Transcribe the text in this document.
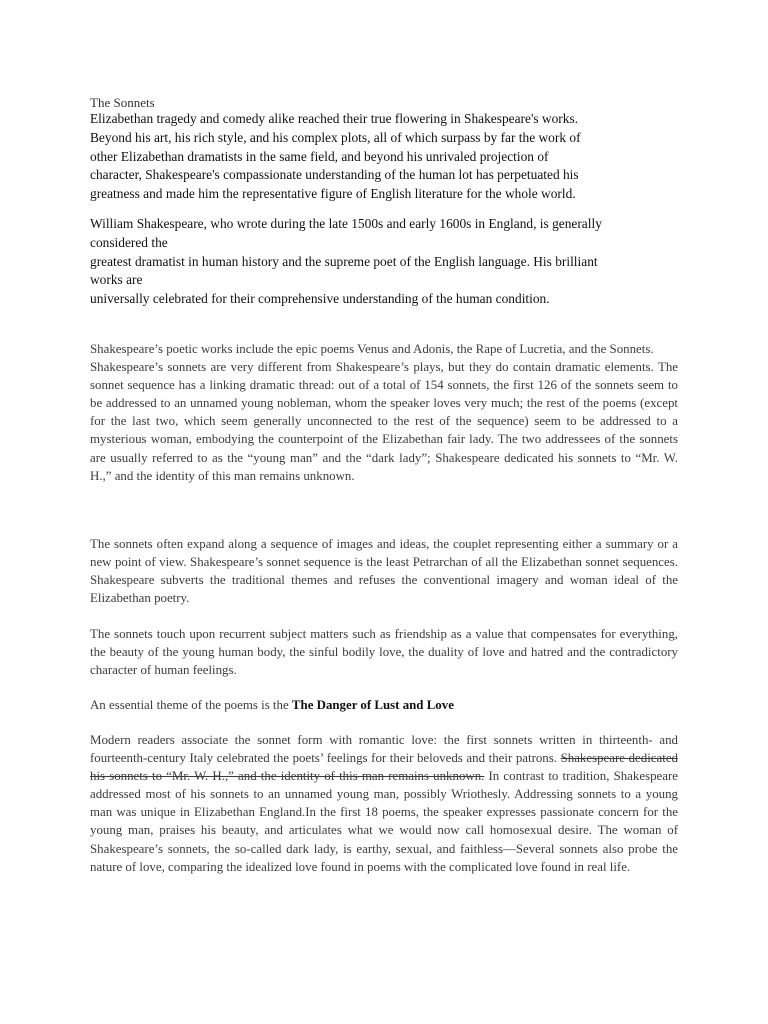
The Sonnets
Elizabethan tragedy and comedy alike reached their true flowering in Shakespeare's works.
Beyond his art, his rich style, and his complex plots, all of which surpass by far the work of
other Elizabethan dramatists in the same field, and beyond his unrivaled projection of
character, Shakespeare's compassionate understanding of the human lot has perpetuated his
greatness and made him the representative figure of English literature for the whole world.
William Shakespeare, who wrote during the late 1500s and early 1600s in England, is generally
considered the
greatest dramatist in human history and the supreme poet of the English language. His brilliant
works are
universally celebrated for their comprehensive understanding of the human condition.
Shakespeare’s poetic works include the epic poems Venus and Adonis, the Rape of Lucretia, and the Sonnets.
Shakespeare’s sonnets are very different from Shakespeare’s plays, but they do contain dramatic elements. The sonnet sequence has a linking dramatic thread: out of a total of 154 sonnets, the first 126 of the sonnets seem to be addressed to an unnamed young nobleman, whom the speaker loves very much; the rest of the poems (except for the last two, which seem generally unconnected to the rest of the sequence) seem to be addressed to a mysterious woman, embodying the counterpoint of the Elizabethan fair lady. The two addressees of the sonnets are usually referred to as the “young man” and the “dark lady”; Shakespeare dedicated his sonnets to “Mr. W. H.,” and the identity of this man remains unknown.
The sonnets often expand along a sequence of images and ideas, the couplet representing either a summary or a new point of view. Shakespeare’s sonnet sequence is the least Petrarchan of all the Elizabethan sonnet sequences. Shakespeare subverts the traditional themes and refuses the conventional imagery and woman ideal of the Elizabethan poetry.
The sonnets touch upon recurrent subject matters such as friendship as a value that compensates for everything, the beauty of the young human body, the sinful bodily love, the duality of love and hatred and the contradictory character of human feelings.
An essential theme of the poems is the The Danger of Lust and Love
Modern readers associate the sonnet form with romantic love: the first sonnets written in thirteenth- and fourteenth-century Italy celebrated the poets’ feelings for their beloveds and their patrons. Shakespeare dedicated his sonnets to “Mr. W. H.,” and the identity of this man remains unknown. In contrast to tradition, Shakespeare addressed most of his sonnets to an unnamed young man, possibly Wriothesly. Addressing sonnets to a young man was unique in Elizabethan England.In the first 18 poems, the speaker expresses passionate concern for the young man, praises his beauty, and articulates what we would now call homosexual desire. The woman of Shakespeare’s sonnets, the so-called dark lady, is earthy, sexual, and faithless—Several sonnets also probe the nature of love, comparing the idealized love found in poems with the complicated love found in real life.
